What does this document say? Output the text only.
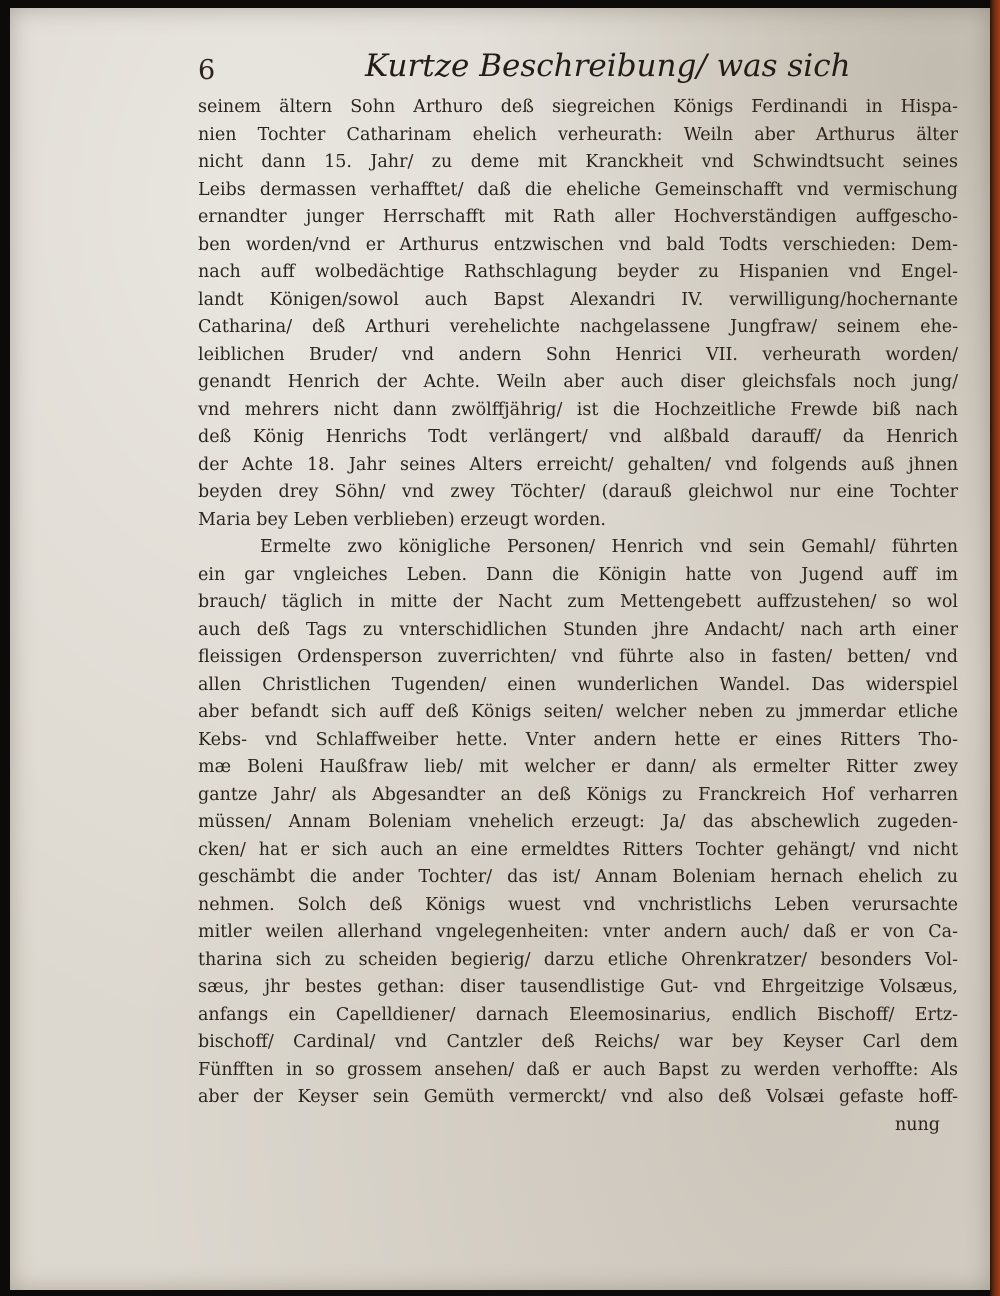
6	Kurtze Beschreibung/ was sich
seinem ältern Sohn Arthuro deß siegreichen Königs Ferdinandi in Hispa-
nien Tochter Catharinam ehelich verheurath: Weiln aber Arthurus älter
nicht dann 15. Jahr/ zu deme mit Kranckheit vnd Schwindtsucht seines
Leibs dermassen verhafftet/ daß die eheliche Gemeinschafft vnd vermischung
ernandter junger Herrschafft mit Rath aller Hochverständigen auffgescho-
ben worden/vnd er Arthurus entzwischen vnd bald Todts verschieden: Dem-
nach auff wolbedächtige Rathschlagung beyder zu Hispanien vnd Engel-
landt Königen/sowol auch Bapst Alexandri IV. verwilligung/hochernante
Catharina/ deß Arthuri verehelichte nachgelassene Jungfraw/ seinem ehe-
leiblichen Bruder/ vnd andern Sohn Henrici VII. verheurath worden/
genandt Henrich der Achte. Weiln aber auch diser gleichsfals noch jung/
vnd mehrers nicht dann zwölffjährig/ ist die Hochzeitliche Frewde biß nach
deß König Henrichs Todt verlängert/ vnd alßbald darauff/ da Henrich
der Achte 18. Jahr seines Alters erreicht/ gehalten/ vnd folgends auß jhnen
beyden drey Söhn/ vnd zwey Töchter/ (darauß gleichwol nur eine Tochter
Maria bey Leben verblieben) erzeugt worden.
Ermelte zwo königliche Personen/ Henrich vnd sein Gemahl/ führten
ein gar vngleiches Leben. Dann die Königin hatte von Jugend auff im
brauch/ täglich in mitte der Nacht zum Mettengebett auffzustehen/ so wol
auch deß Tags zu vnterschidlichen Stunden jhre Andacht/ nach arth einer
fleissigen Ordensperson zuverrichten/ vnd führte also in fasten/ betten/ vnd
allen Christlichen Tugenden/ einen wunderlichen Wandel. Das widerspiel
aber befandt sich auff deß Königs seiten/ welcher neben zu jmmerdar etliche
Kebs- vnd Schlaffweiber hette. Vnter andern hette er eines Ritters Tho-
mæ Boleni Haußfraw lieb/ mit welcher er dann/ als ermelter Ritter zwey
gantze Jahr/ als Abgesandter an deß Königs zu Franckreich Hof verharren
müssen/ Annam Boleniam vnehelich erzeugt: Ja/ das abschewlich zugeden-
cken/ hat er sich auch an eine ermeldtes Ritters Tochter gehängt/ vnd nicht
geschämbt die ander Tochter/ das ist/ Annam Boleniam hernach ehelich zu
nehmen. Solch deß Königs wuest vnd vnchristlichs Leben verursachte
mitler weilen allerhand vngelegenheiten: vnter andern auch/ daß er von Ca-
tharina sich zu scheiden begierig/ darzu etliche Ohrenkratzer/ besonders Vol-
sæus, jhr bestes gethan: diser tausendlistige Gut- vnd Ehrgeitzige Volsæus,
anfangs ein Capelldiener/ darnach Eleemosinarius, endlich Bischoff/ Ertz-
bischoff/ Cardinal/ vnd Cantzler deß Reichs/ war bey Keyser Carl dem
Fünfften in so grossem ansehen/ daß er auch Bapst zu werden verhoffte: Als
aber der Keyser sein Gemüth vermerckt/ vnd also deß Volsæi gefaste hoff-
nung
